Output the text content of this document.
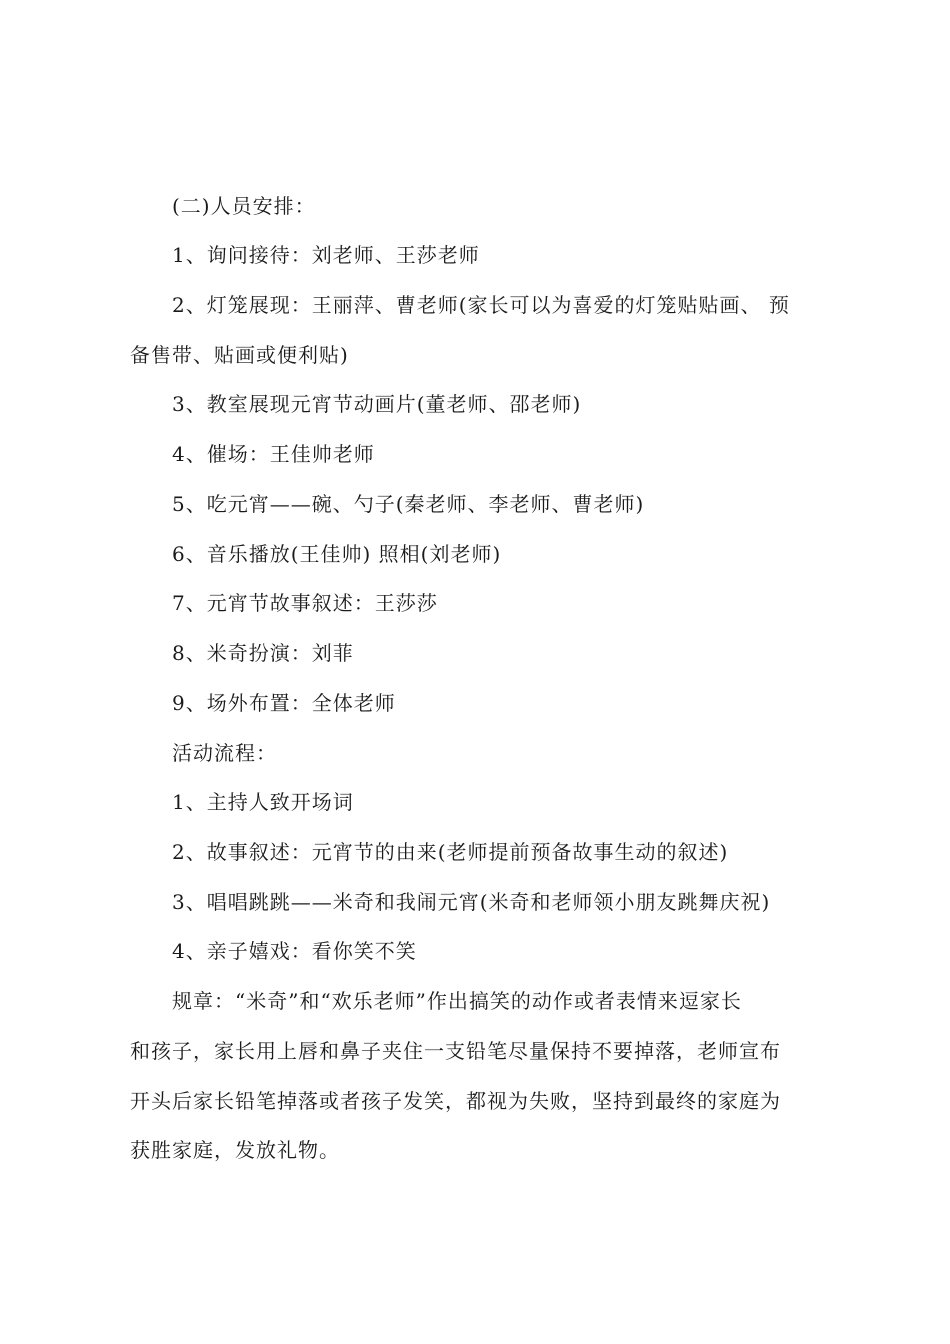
(二)人员安排：
1、询问接待：刘老师、王莎老师
2、灯笼展现：王丽萍、曹老师(家长可以为喜爱的灯笼贴贴画、 预
备售带、贴画或便利贴)
3、教室展现元宵节动画片(董老师、邵老师)
4、催场：王佳帅老师
5、吃元宵——碗、勺子(秦老师、李老师、曹老师)
6、音乐播放(王佳帅) 照相(刘老师)
7、元宵节故事叙述：王莎莎
8、米奇扮演：刘菲
9、场外布置：全体老师
活动流程：
1、主持人致开场词
2、故事叙述：元宵节的由来(老师提前预备故事生动的叙述)
3、唱唱跳跳——米奇和我闹元宵(米奇和老师领小朋友跳舞庆祝)
4、亲子嬉戏：看你笑不笑
规章：“米奇”和“欢乐老师”作出搞笑的动作或者表情来逗家长
和孩子，家长用上唇和鼻子夹住一支铅笔尽量保持不要掉落，老师宣布
开头后家长铅笔掉落或者孩子发笑，都视为失败，坚持到最终的家庭为
获胜家庭，发放礼物。
